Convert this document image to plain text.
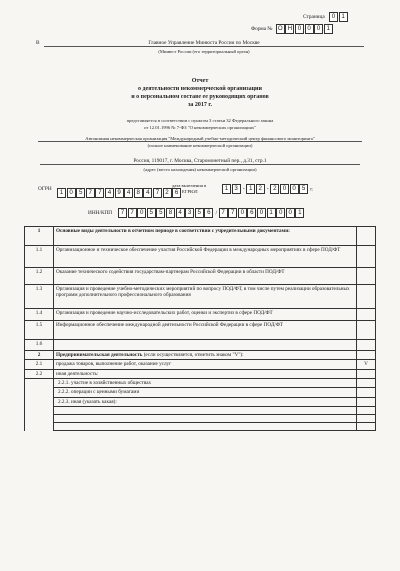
Страница 0 1
Форма № О Н 0 0 0 1
В	Главное Управление Минюста России по Москве
(Минюст России (его территориальный орган)
Отчет
о деятельности некоммерческой организации
и о персональном составе ее руководящих органов
за 2017 г.
представляется в соответствии с пунктом 3 статьи 32 Федерального закона
от 12.01.1996 № 7-ФЗ "О некоммерческих организациях"
Автономная некоммерческая организация "Международный учебно-методический центр финансового мониторинга"
(полное наименование некоммерческой организации)
Россия, 119017, г. Москва, Старомонетный пер., д.31, стр.1
(адрес (место нахождения) некоммерческой организации)
ОГРН
1 0 5 7 7 4 9 4 8 4 7 2 6
дата включения в
ЕГРЮЛ	1 3 - 1 2 - 2 0 0 5 г.
ИНН/КПП	7 7 0 5 5 8 4 3 5 6 / 7 7 0 6 0 1 0 0 1
1	Основные виды деятельности в отчетном периоде в соответствии с учредительными документами:	
1.1	Организационное и техническое обеспечение участия Российской Федерации в международных мероприятиях в сфере ПОД/ФТ	
1.2	Оказание технического содействия государствам-партнерам Российской Федерации в области ПОД/ФТ	
1.3	Организация и проведение учебно-методических мероприятий по вопросу ПОД/ФТ, в том числе путем реализации образовательных программ дополнительного профессионального образования	
1.4	Организация и проведение научно-исследовательских работ, оценки и экспертиз в сфере ПОД/ФТ	
1.5	Информационное обеспечение международной деятельности Российской Федерации в сфере ПОД/ФТ	
1.6		
2	Предпринимательская деятельность (если осуществляется, отметить знаком "V"):	
2.1	продажа товаров, выполнение работ, оказание услуг	V
2.2	иная деятельность:	
	2.2.1. участие в хозяйственных обществах	
	2.2.2. операции с ценными бумагами	
	2.2.3. иная (указать какая):	
